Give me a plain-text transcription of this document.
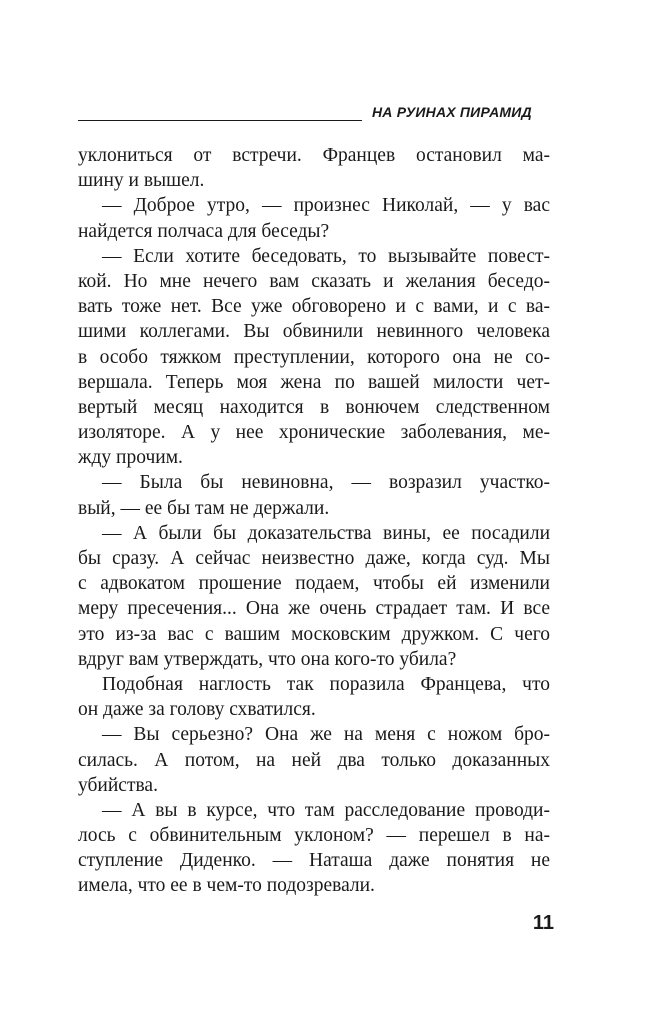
НА РУИНАХ ПИРАМИД
уклониться от встречи. Францев остановил ма-
шину и вышел.
— Доброе утро, — произнес Николай, — у вас
найдется полчаса для беседы?
— Если хотите беседовать, то вызывайте повест-
кой. Но мне нечего вам сказать и желания беседо-
вать тоже нет. Все уже обговорено и с вами, и с ва-
шими коллегами. Вы обвинили невинного человека
в особо тяжком преступлении, которого она не со-
вершала. Теперь моя жена по вашей милости чет-
вертый месяц находится в вонючем следственном
изоляторе. А у нее хронические заболевания, ме-
жду прочим.
— Была бы невиновна, — возразил участко-
вый, — ее бы там не держали.
— А были бы доказательства вины, ее посадили
бы сразу. А сейчас неизвестно даже, когда суд. Мы
с адвокатом прошение подаем, чтобы ей изменили
меру пресечения... Она же очень страдает там. И все
это из-за вас с вашим московским дружком. С чего
вдруг вам утверждать, что она кого-то убила?
Подобная наглость так поразила Францева, что
он даже за голову схватился.
— Вы серьезно? Она же на меня с ножом бро-
силась. А потом, на ней два только доказанных
убийства.
— А вы в курсе, что там расследование проводи-
лось с обвинительным уклоном? — перешел в на-
ступление Диденко. — Наташа даже понятия не
имела, что ее в чем-то подозревали.
11
